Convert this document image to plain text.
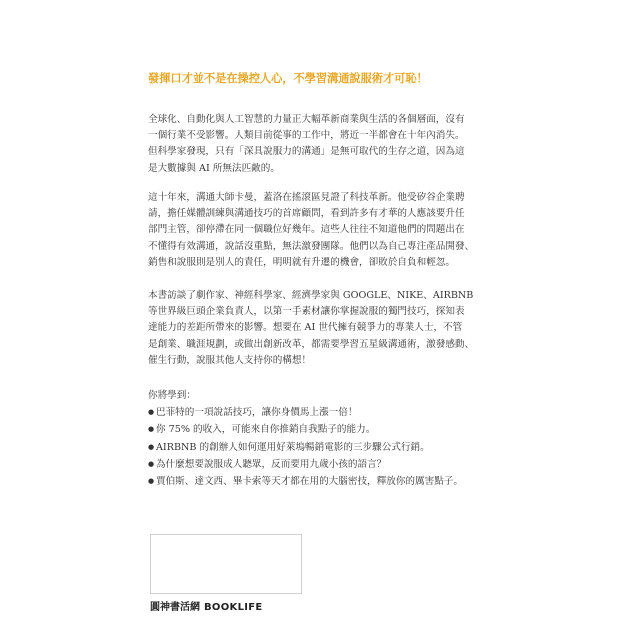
發揮口才並不是在操控人心，不學習溝通說服術才可恥！
全球化、自動化與人工智慧的力量正大幅革新商業與生活的各個層面，沒有
一個行業不受影響。人類目前從事的工作中，將近一半都會在十年內消失。
但科學家發現，只有「深具說服力的溝通」是無可取代的生存之道，因為這
是大數據與 AI 所無法匹敵的。
這十年來，溝通大師卡曼，蓋洛在搖滾區見證了科技革新。他受矽谷企業聘
請，擔任媒體訓練與溝通技巧的首席顧問，看到許多有才華的人應該要升任
部門主管，卻停滯在同一個職位好幾年。這些人往往不知道他們的問題出在
不懂得有效溝通，說話沒重點，無法激發團隊。他們以為自己專注產品開發、
銷售和說服則是別人的責任，明明就有升遷的機會，卻敗於自負和輕忽。
本書訪談了劇作家、神經科學家、經濟學家與 GOOGLE、NIKE、AIRBNB
等世界級巨頭企業負責人，以第一手素材讓你掌握說服的獨門技巧，探知表
達能力的差距所帶來的影響。想要在 AI 世代擁有競爭力的專業人士，不管
是創業、職涯規劃，或做出創新改革，都需要學習五星級溝通術，激發感動、
催生行動，說服其他人支持你的構想！
你將學到：
● 巴菲特的一項說話技巧，讓你身價馬上漲一倍！
● 你 75% 的收入，可能來自你推銷自我點子的能力。
● AIRBNB 的創辦人如何運用好萊塢暢銷電影的三步驟公式行銷。
● 為什麼想要說服成人聽眾，反而要用九歲小孩的語言？
● 賈伯斯、達文西、畢卡索等天才都在用的大腦密技，釋放你的厲害點子。
圓神書活網 BOOKLIFE
